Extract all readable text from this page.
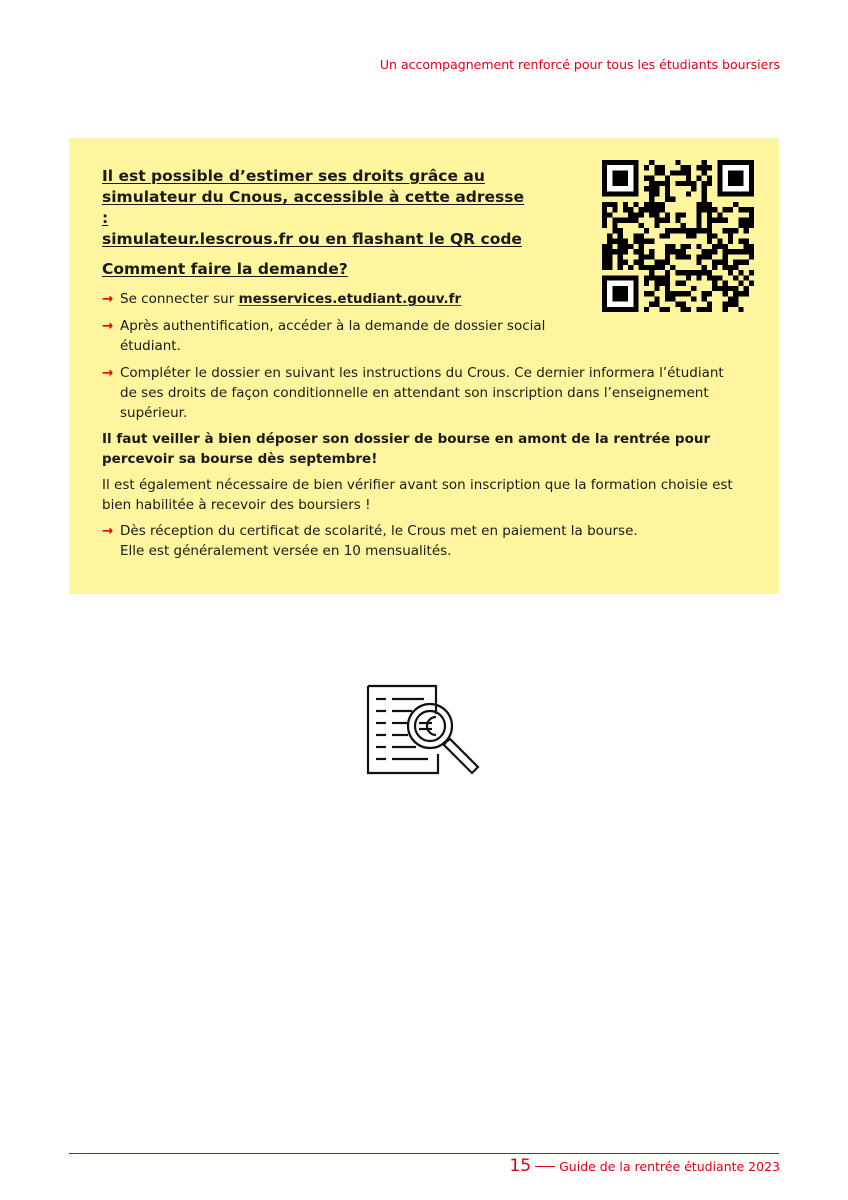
Un accompagnement renforcé pour tous les étudiants boursiers
Il est possible d’estimer ses droits grâce au
simulateur du Cnous, accessible à cette adresse :
simulateur.lescrous.fr ou en flashant le QR code
Comment faire la demande?
→ Se connecter sur messervices.etudiant.gouv.fr
→ Après authentification, accéder à la demande de dossier social étudiant.
→ Compléter le dossier en suivant les instructions du Crous. Ce dernier informera l’étudiant de ses droits de façon conditionnelle en attendant son inscription dans l’enseignement supérieur.
Il faut veiller à bien déposer son dossier de bourse en amont de la rentrée pour percevoir sa bourse dès septembre!
Il est également nécessaire de bien vérifier avant son inscription que la formation choisie est bien habilitée à recevoir des boursiers !
→ Dès réception du certificat de scolarité, le Crous met en paiement la bourse.
Elle est généralement versée en 10 mensualités.
15 Guide de la rentrée étudiante 2023
